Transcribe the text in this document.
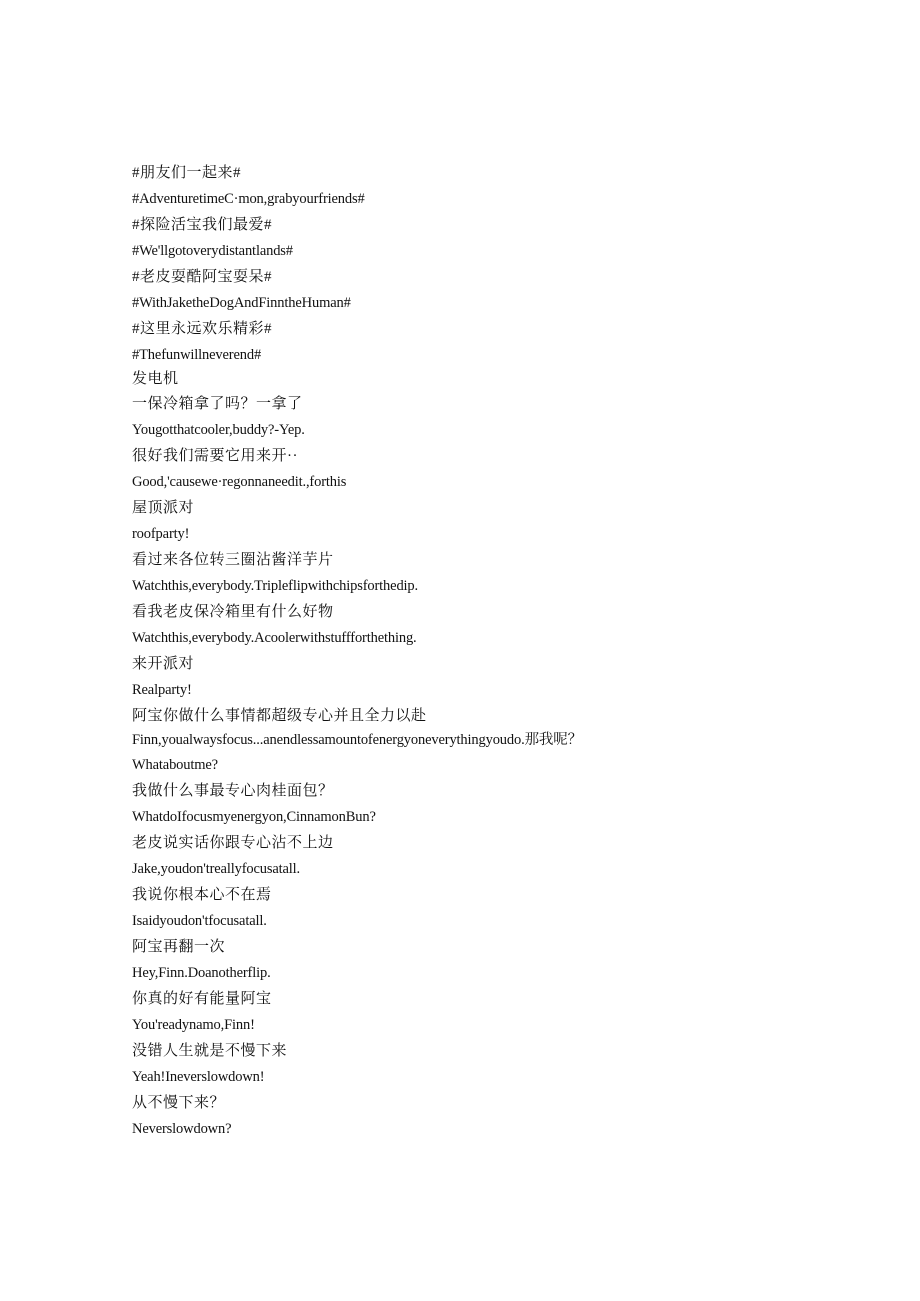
#朋友们一起来#
#AdventuretimeC·mon,grabyourfriends#
#探险活宝我们最爱#
#We'llgotoverydistantlands#
#老皮耍酷阿宝耍呆#
#WithJaketheDogAndFinntheHuman#
#这里永远欢乐精彩#
#Thefunwillneverend#
发电机
一保冷箱拿了吗？一拿了
Yougotthatcooler,buddy?-Yep.
很好我们需要它用来开··
Good,'causewe·regonnaneedit.,forthis
屋顶派对
roofparty!
看过来各位转三圈沾酱洋芋片
Watchthis,everybody.Tripleflipwithchipsforthedip.
看我老皮保冷箱里有什么好物
Watchthis,everybody.Acoolerwithstuffforthething.
来开派对
Realparty!
阿宝你做什么事情都超级专心并且全力以赴
Finn,youalwaysfocus...anendlessamountofenergyoneverythingyoudo.那我呢？
Whataboutme?
我做什么事最专心肉桂面包？
WhatdoIfocusmyenergyon,CinnamonBun?
老皮说实话你跟专心沾不上边
Jake,youdon'treallyfocusatall.
我说你根本心不在焉
Isaidyoudon'tfocusatall.
阿宝再翻一次
Hey,Finn.Doanotherflip.
你真的好有能量阿宝
You'readynamo,Finn!
没错人生就是不慢下来
Yeah!Ineverslowdown!
从不慢下来？
Neverslowdown?
